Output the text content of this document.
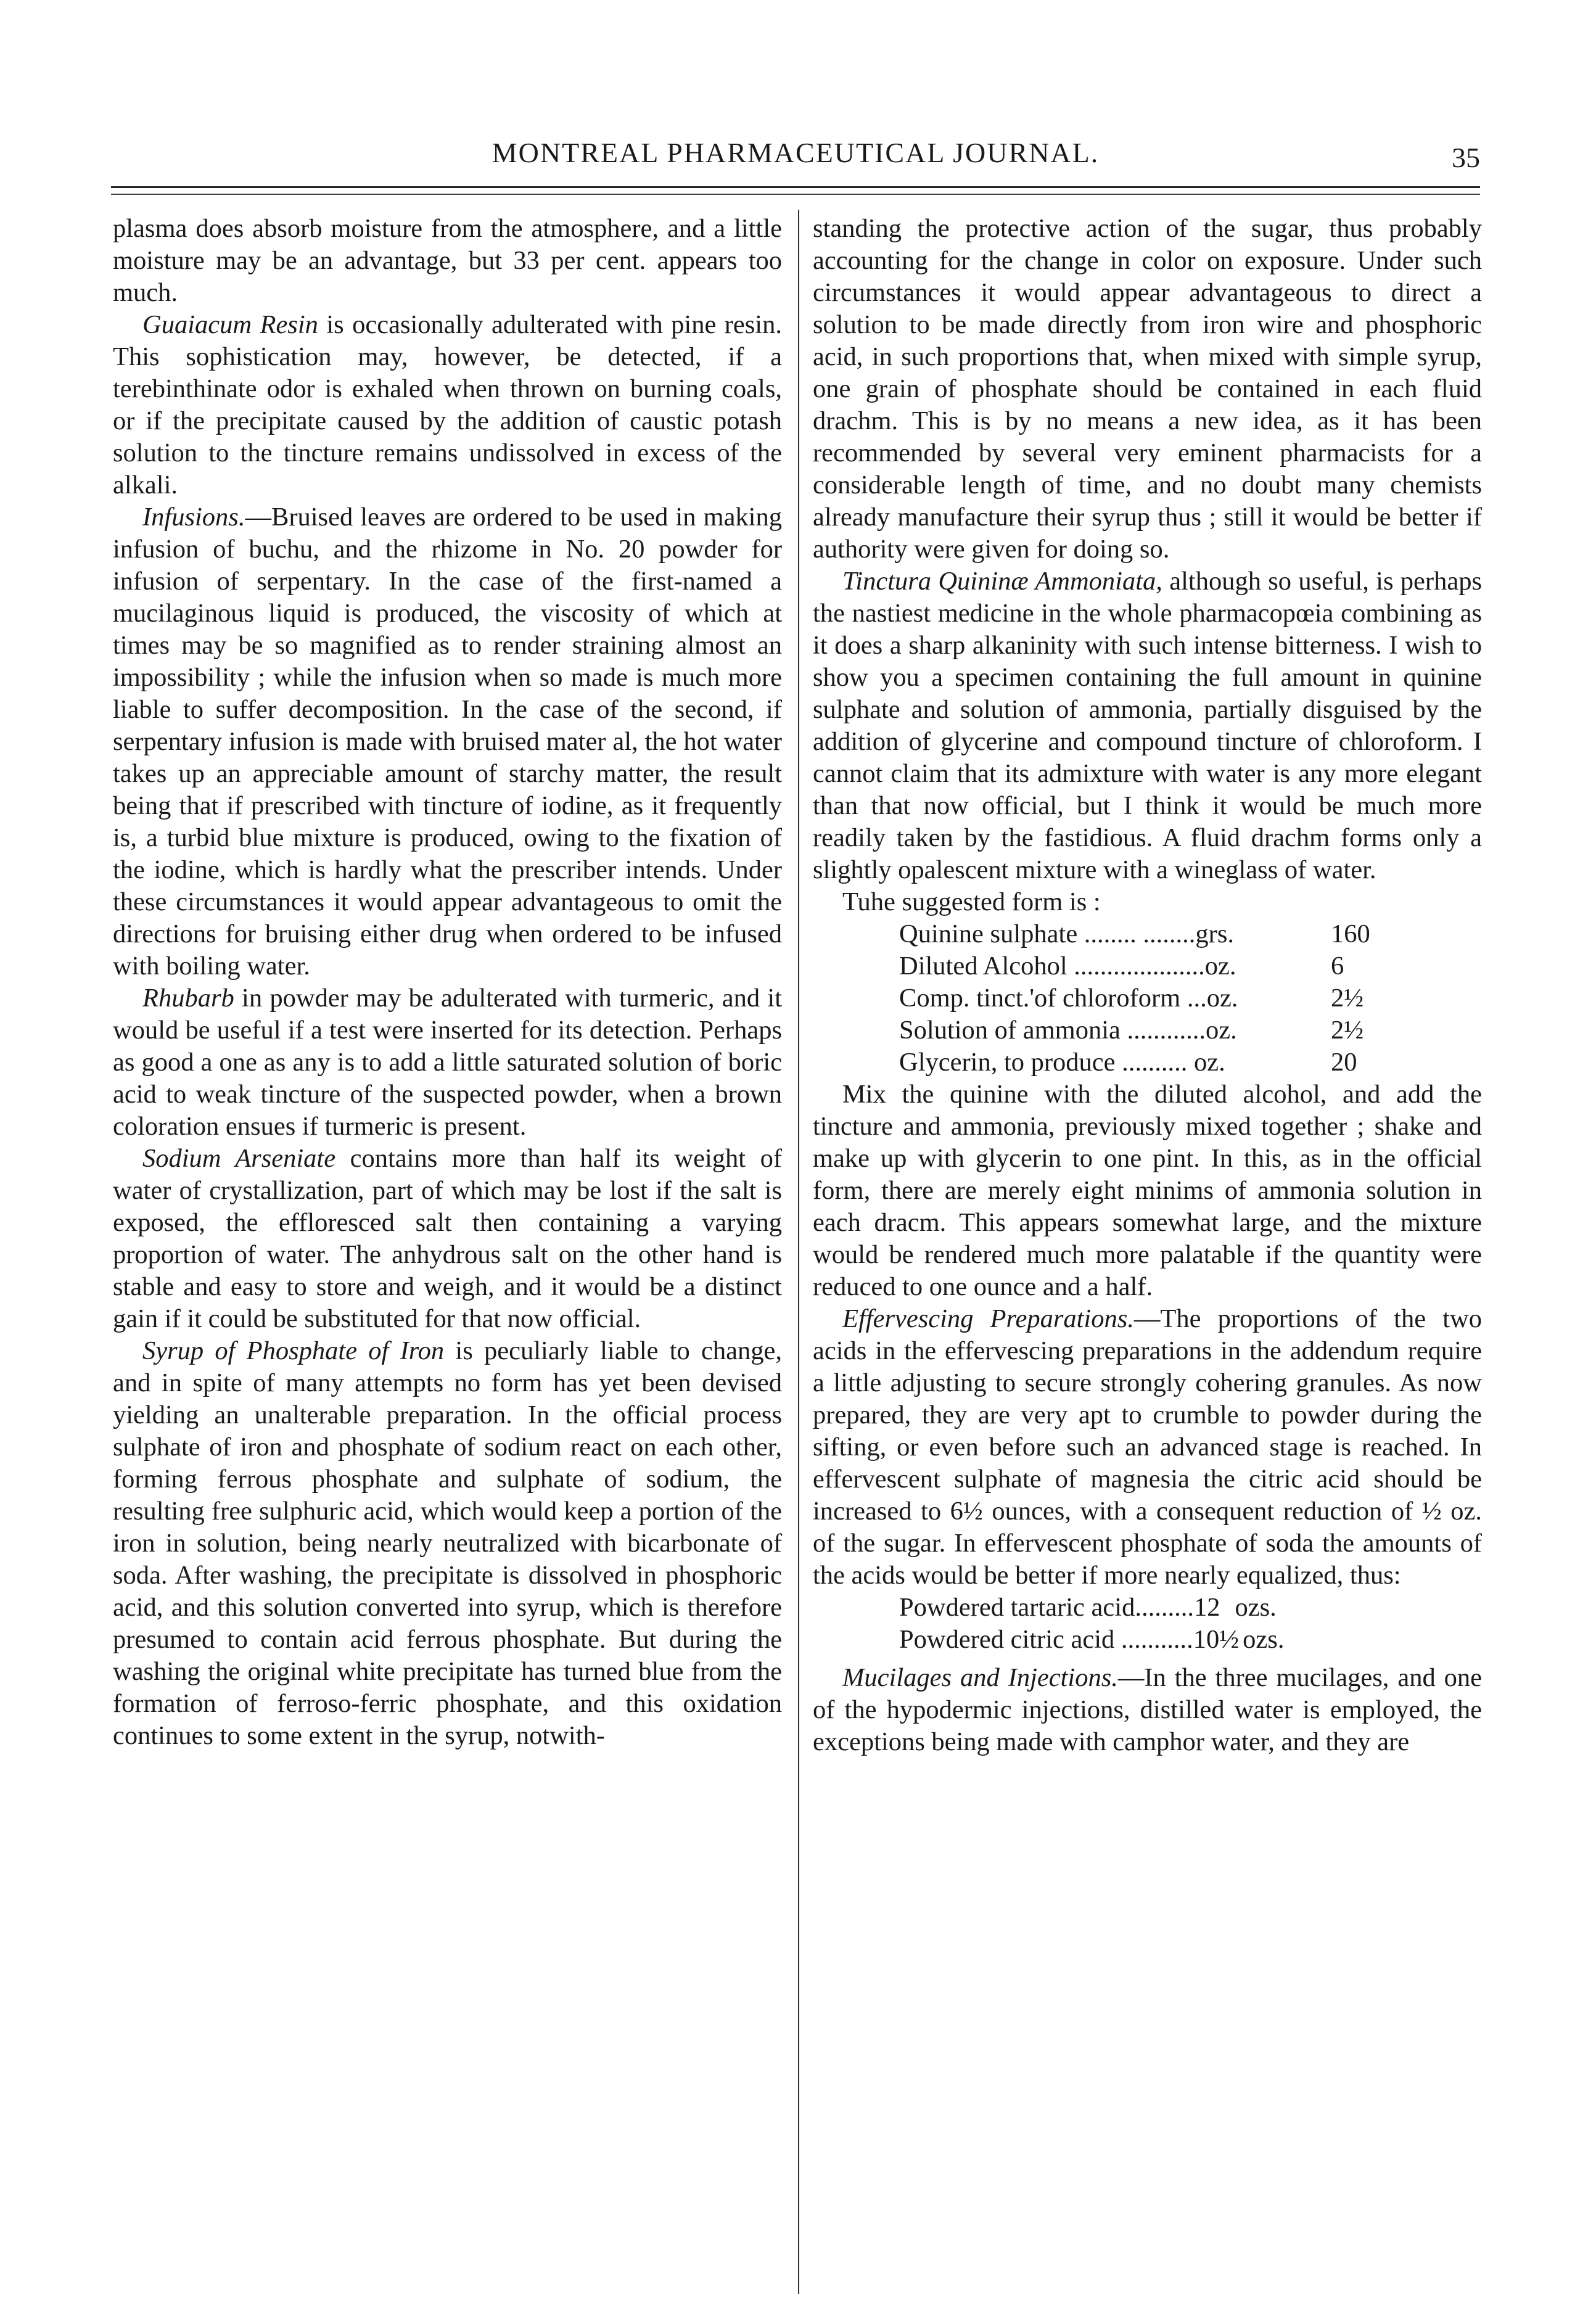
MONTREAL PHARMACEUTICAL JOURNAL.	35

plasma does absorb moisture from the atmosphere, and a little moisture may be an advantage, but 33 per cent. appears too much.

Guaiacum Resin is occasionally adulterated with pine resin. This sophistication may, however, be detected, if a terebinthinate odor is exhaled when thrown on burning coals, or if the precipitate caused by the addition of caustic potash solution to the tincture remains undissolved in excess of the alkali.

Infusions.—Bruised leaves are ordered to be used in making infusion of buchu, and the rhizome in No. 20 powder for infusion of serpentary. In the case of the first-named a mucilaginous liquid is produced, the viscosity of which at times may be so magnified as to render straining almost an impossibility ; while the infusion when so made is much more liable to suffer decomposition. In the case of the second, if serpentary infusion is made with bruised mater al, the hot water takes up an appreciable amount of starchy matter, the result being that if prescribed with tincture of iodine, as it frequently is, a turbid blue mixture is produced, owing to the fixation of the iodine, which is hardly what the prescriber intends. Under these circumstances it would appear advantageous to omit the directions for bruising either drug when ordered to be infused with boiling water.

Rhubarb in powder may be adulterated with turmeric, and it would be useful if a test were inserted for its detection. Perhaps as good a one as any is to add a little saturated solution of boric acid to weak tincture of the suspected powder, when a brown coloration ensues if turmeric is present.

Sodium Arseniate contains more than half its weight of water of crystallization, part of which may be lost if the salt is exposed, the effloresced salt then containing a varying proportion of water. The anhydrous salt on the other hand is stable and easy to store and weigh, and it would be a distinct gain if it could be substituted for that now official.

Syrup of Phosphate of Iron is peculiarly liable to change, and in spite of many attempts no form has yet been devised yielding an unalterable preparation. In the official process sulphate of iron and phosphate of sodium react on each other, forming ferrous phosphate and sulphate of sodium, the resulting free sulphuric acid, which would keep a portion of the iron in solution, being nearly neutralized with bicarbonate of soda. After washing, the precipitate is dissolved in phosphoric acid, and this solution converted into syrup, which is therefore presumed to contain acid ferrous phosphate. But during the washing the original white precipitate has turned blue from the formation of ferroso-ferric phosphate, and this oxidation continues to some extent in the syrup, notwith-

standing the protective action of the sugar, thus probably accounting for the change in color on exposure. Under such circumstances it would appear advantageous to direct a solution to be made directly from iron wire and phosphoric acid, in such proportions that, when mixed with simple syrup, one grain of phosphate should be contained in each fluid drachm. This is by no means a new idea, as it has been recommended by several very eminent pharmacists for a considerable length of time, and no doubt many chemists already manufacture their syrup thus ; still it would be better if authority were given for doing so.

Tinctura Quininæ Ammoniata, although so useful, is perhaps the nastiest medicine in the whole pharmacopœia combining as it does a sharp alkaninity with such intense bitterness. I wish to show you a specimen containing the full amount in quinine sulphate and solution of ammonia, partially disguised by the addition of glycerine and compound tincture of chloroform. I cannot claim that its admixture with water is any more elegant than that now official, but I think it would be much more readily taken by the fastidious. A fluid drachm forms only a slightly opalescent mixture with a wineglass of water.

Tuhe suggested form is :

Quinine sulphate ........ ........grs.	160
Diluted Alcohol ....................oz.	6
Comp. tinct.'of chloroform ...oz.	2½
Solution of ammonia ............oz.	2½
Glycerin, to produce .......... oz.	20

Mix the quinine with the diluted alcohol, and add the tincture and ammonia, previously mixed together ; shake and make up with glycerin to one pint. In this, as in the official form, there are merely eight minims of ammonia solution in each dracm. This appears somewhat large, and the mixture would be rendered much more palatable if the quantity were reduced to one ounce and a half.

Effervescing Preparations.—The proportions of the two acids in the effervescing preparations in the addendum require a little adjusting to secure strongly cohering granules. As now prepared, they are very apt to crumble to powder during the sifting, or even before such an advanced stage is reached. In effervescent sulphate of magnesia the citric acid should be increased to 6½ ounces, with a consequent reduction of ½ oz. of the sugar. In effervescent phosphate of soda the amounts of the acids would be better if more nearly equalized, thus:

Powdered tartaric acid.........12 ozs.
Powdered citric acid ...........10½ ozs.

Mucilages and Injections.—In the three mucilages, and one of the hypodermic injections, distilled water is employed, the exceptions being made with camphor water, and they are
